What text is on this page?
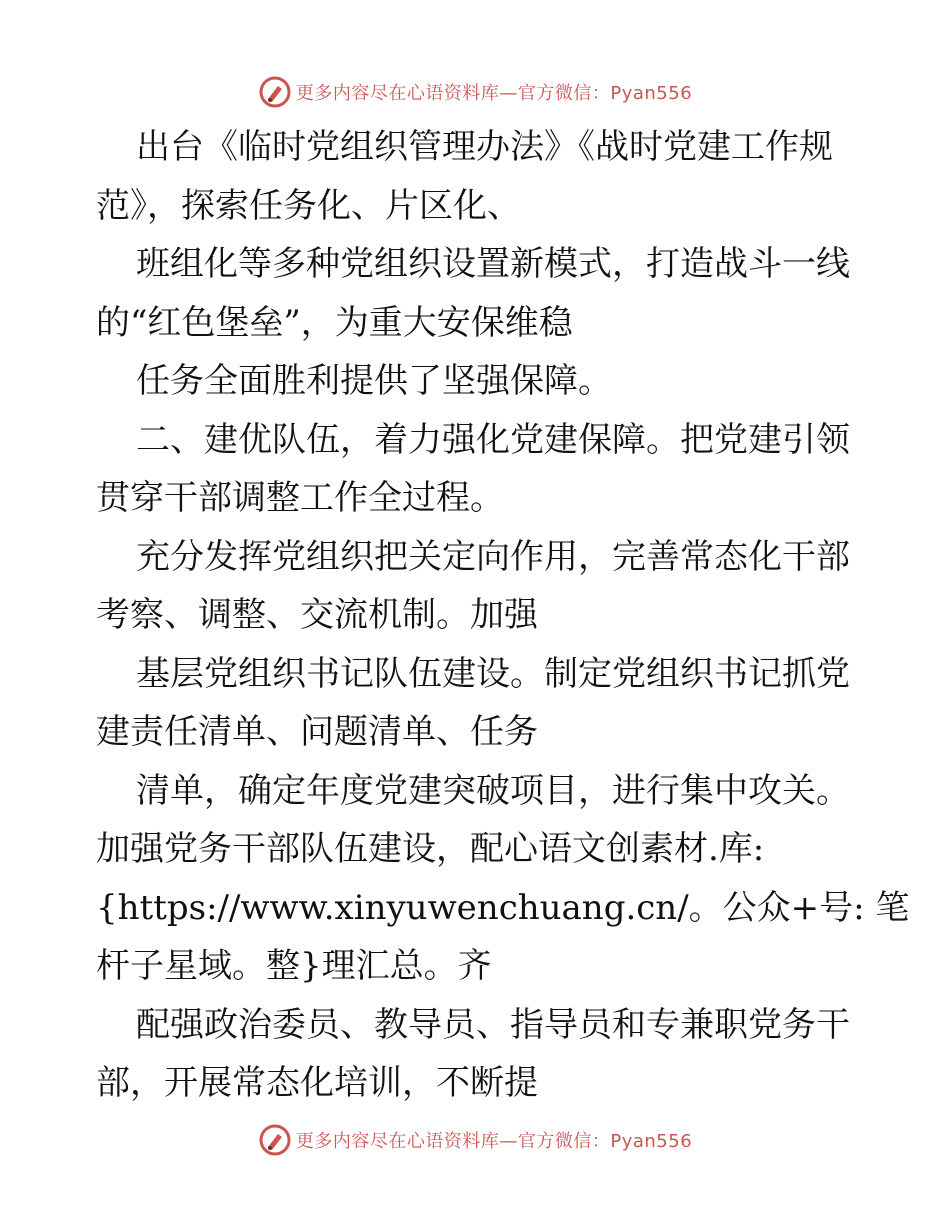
更多内容尽在心语资料库—官方微信：Pyan556
出台《临时党组织管理办法》《战时党建工作规
范》，探索任务化、片区化、
班组化等多种党组织设置新模式，打造战斗一线
的“红色堡垒”，为重大安保维稳
任务全面胜利提供了坚强保障。
二、建优队伍，着力强化党建保障。把党建引领
贯穿干部调整工作全过程。
充分发挥党组织把关定向作用，完善常态化干部
考察、调整、交流机制。加强
基层党组织书记队伍建设。制定党组织书记抓党
建责任清单、问题清单、任务
清单，确定年度党建突破项目，进行集中攻关。
加强党务干部队伍建设，配心语文创素材.库:
{https://www.xinyuwenchuang.cn/。公众+号: 笔
杆子星域。整}理汇总。齐
配强政治委员、教导员、指导员和专兼职党务干
部，开展常态化培训，不断提
更多内容尽在心语资料库—官方微信：Pyan556
